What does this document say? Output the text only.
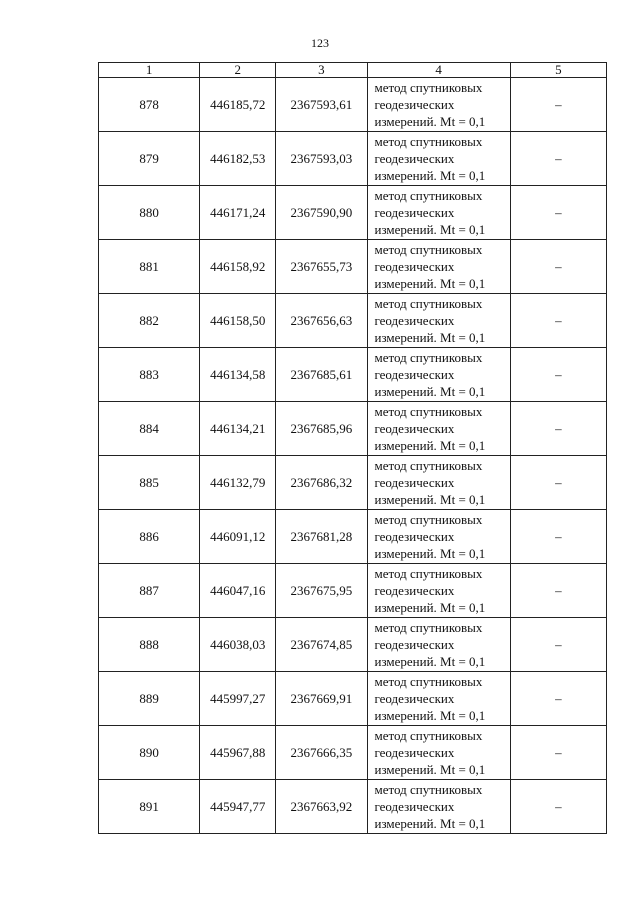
123
1	2	3	4	5
878	446185,72	2367593,61	метод спутниковых
геодезических
измерений. Mt = 0,1	–
879	446182,53	2367593,03	метод спутниковых
геодезических
измерений. Mt = 0,1	–
880	446171,24	2367590,90	метод спутниковых
геодезических
измерений. Mt = 0,1	–
881	446158,92	2367655,73	метод спутниковых
геодезических
измерений. Mt = 0,1	–
882	446158,50	2367656,63	метод спутниковых
геодезических
измерений. Mt = 0,1	–
883	446134,58	2367685,61	метод спутниковых
геодезических
измерений. Mt = 0,1	–
884	446134,21	2367685,96	метод спутниковых
геодезических
измерений. Mt = 0,1	–
885	446132,79	2367686,32	метод спутниковых
геодезических
измерений. Mt = 0,1	–
886	446091,12	2367681,28	метод спутниковых
геодезических
измерений. Mt = 0,1	–
887	446047,16	2367675,95	метод спутниковых
геодезических
измерений. Mt = 0,1	–
888	446038,03	2367674,85	метод спутниковых
геодезических
измерений. Mt = 0,1	–
889	445997,27	2367669,91	метод спутниковых
геодезических
измерений. Mt = 0,1	–
890	445967,88	2367666,35	метод спутниковых
геодезических
измерений. Mt = 0,1	–
891	445947,77	2367663,92	метод спутниковых
геодезических
измерений. Mt = 0,1	–
